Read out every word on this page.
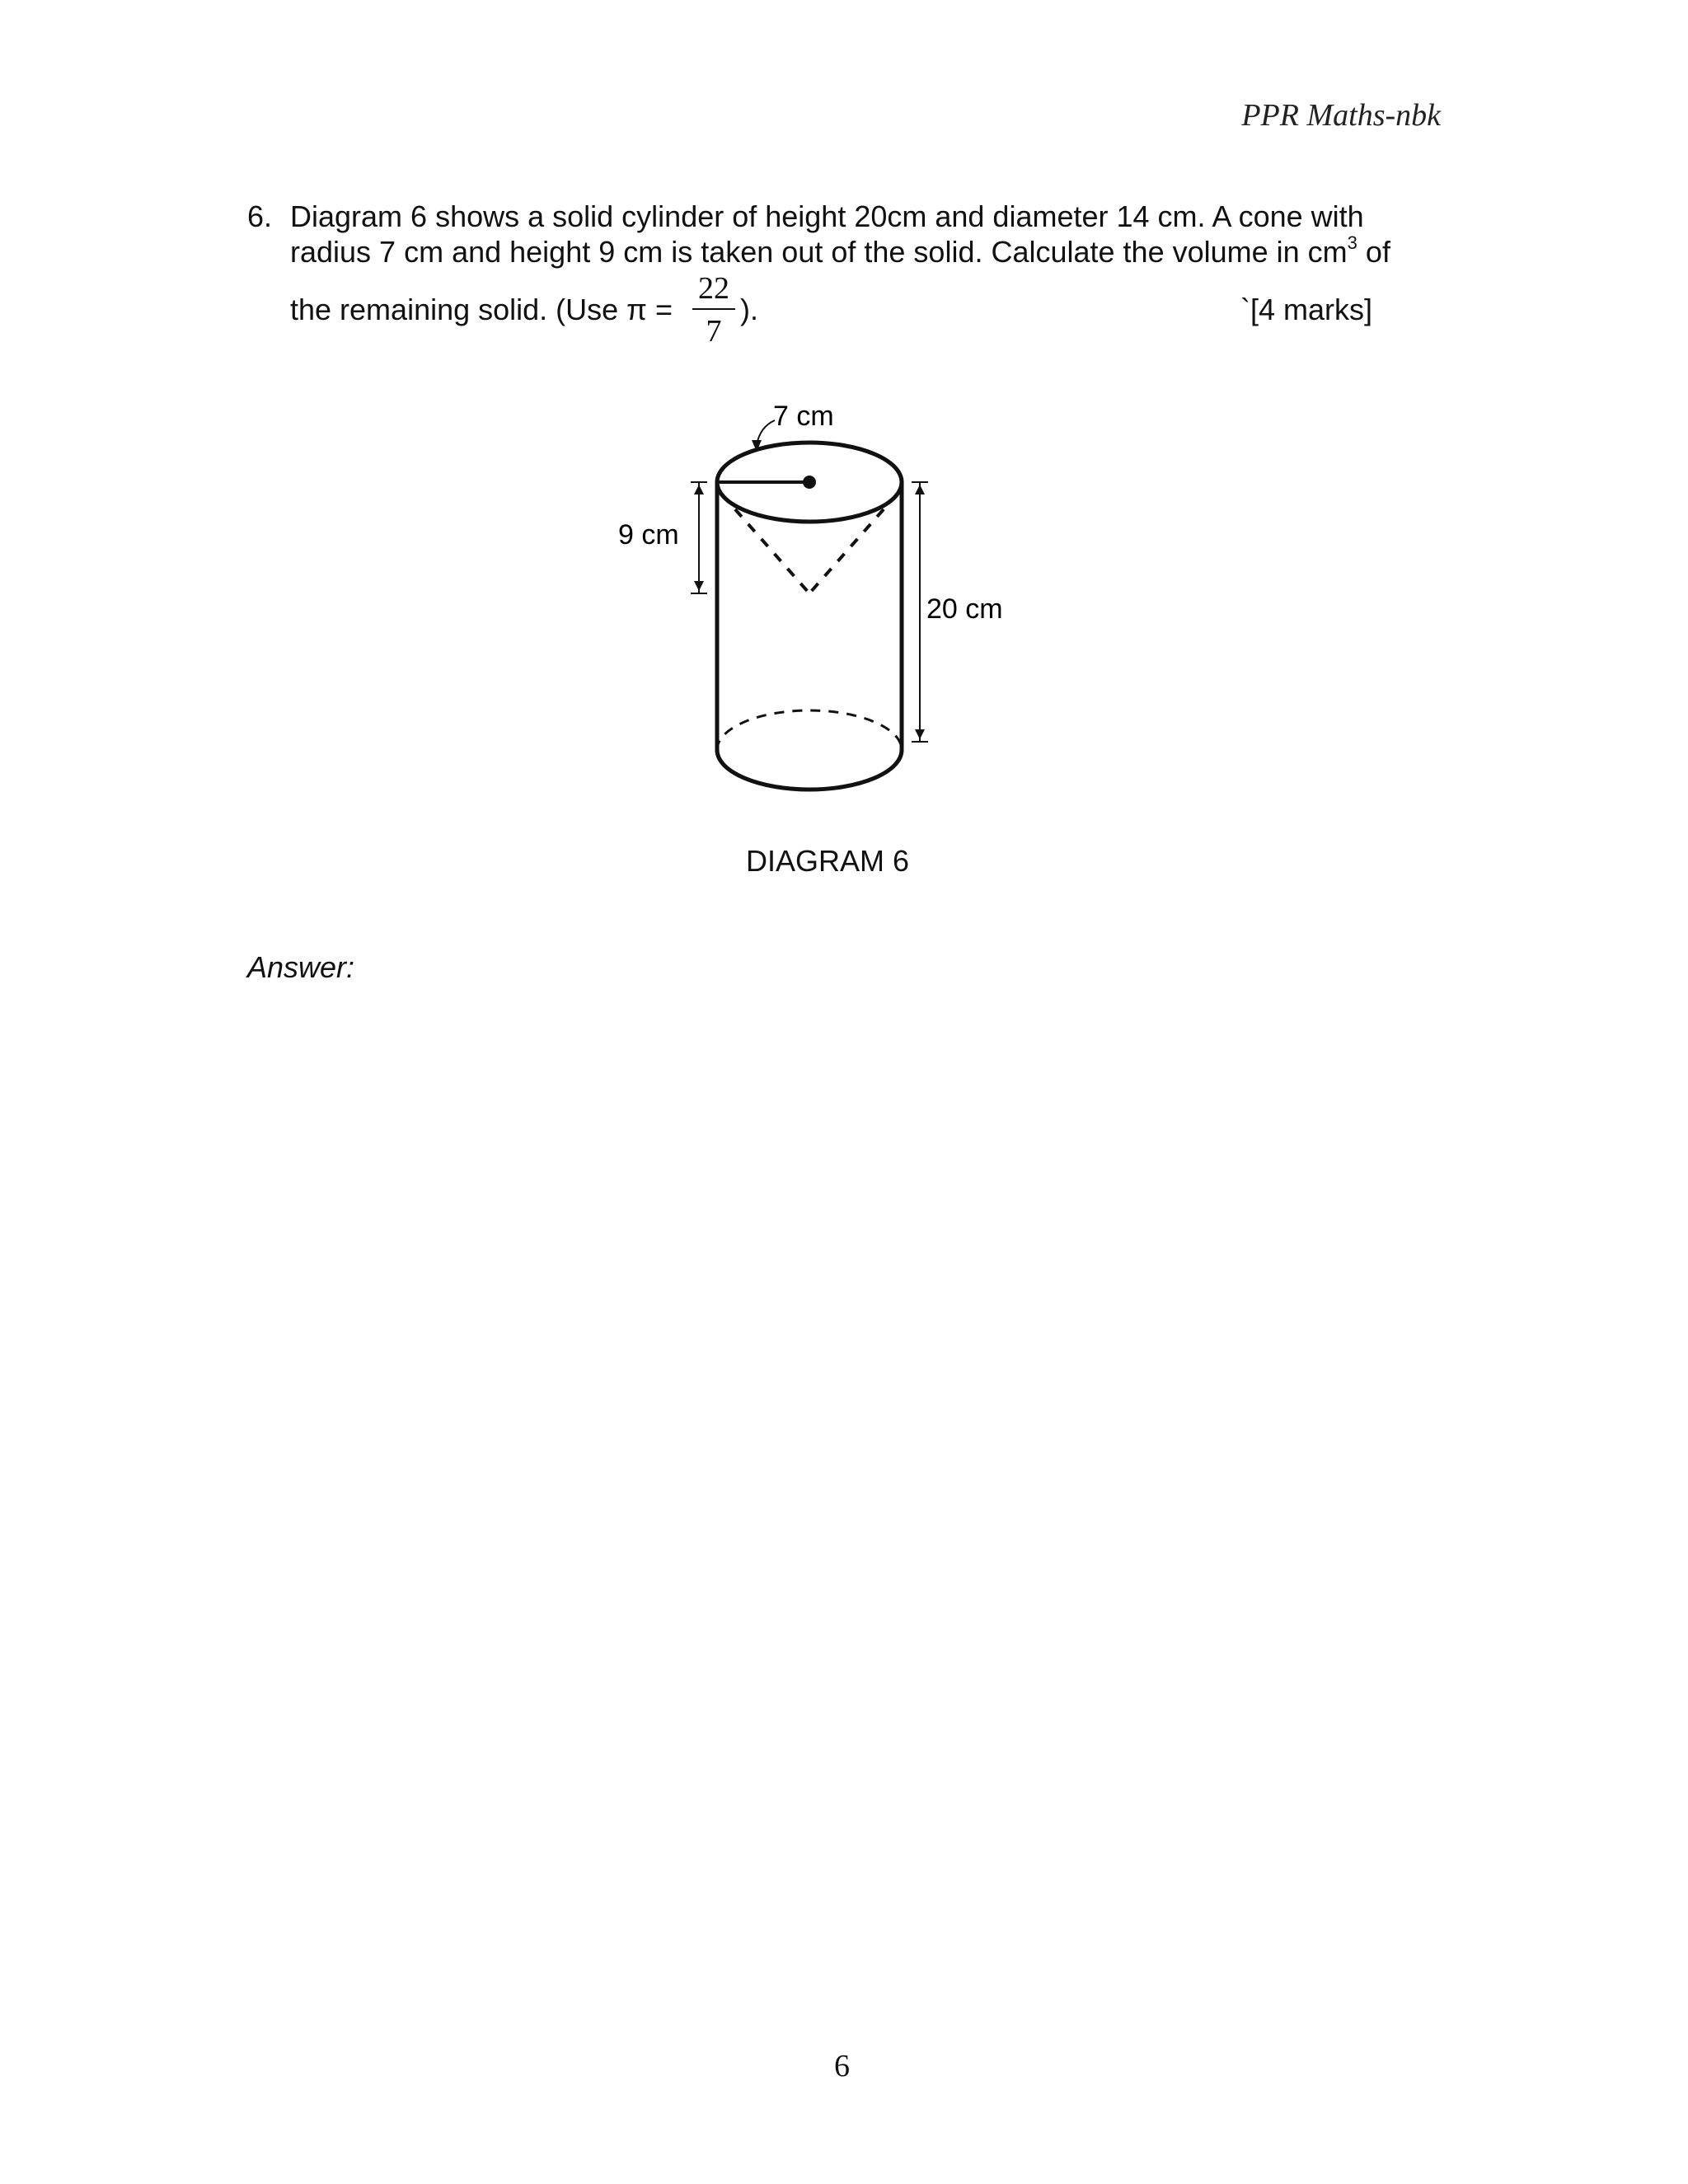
PPR Maths-nbk
6. Diagram 6 shows a solid cylinder of height 20cm and diameter 14 cm. A cone with
radius 7 cm and height 9 cm is taken out of the solid. Calculate the volume in $cm^3$ of
the remaining solid. (Use π =
22
7
).	`[4 marks]
7 cm
9 cm
20 cm
DIAGRAM 6
Answer:
6
